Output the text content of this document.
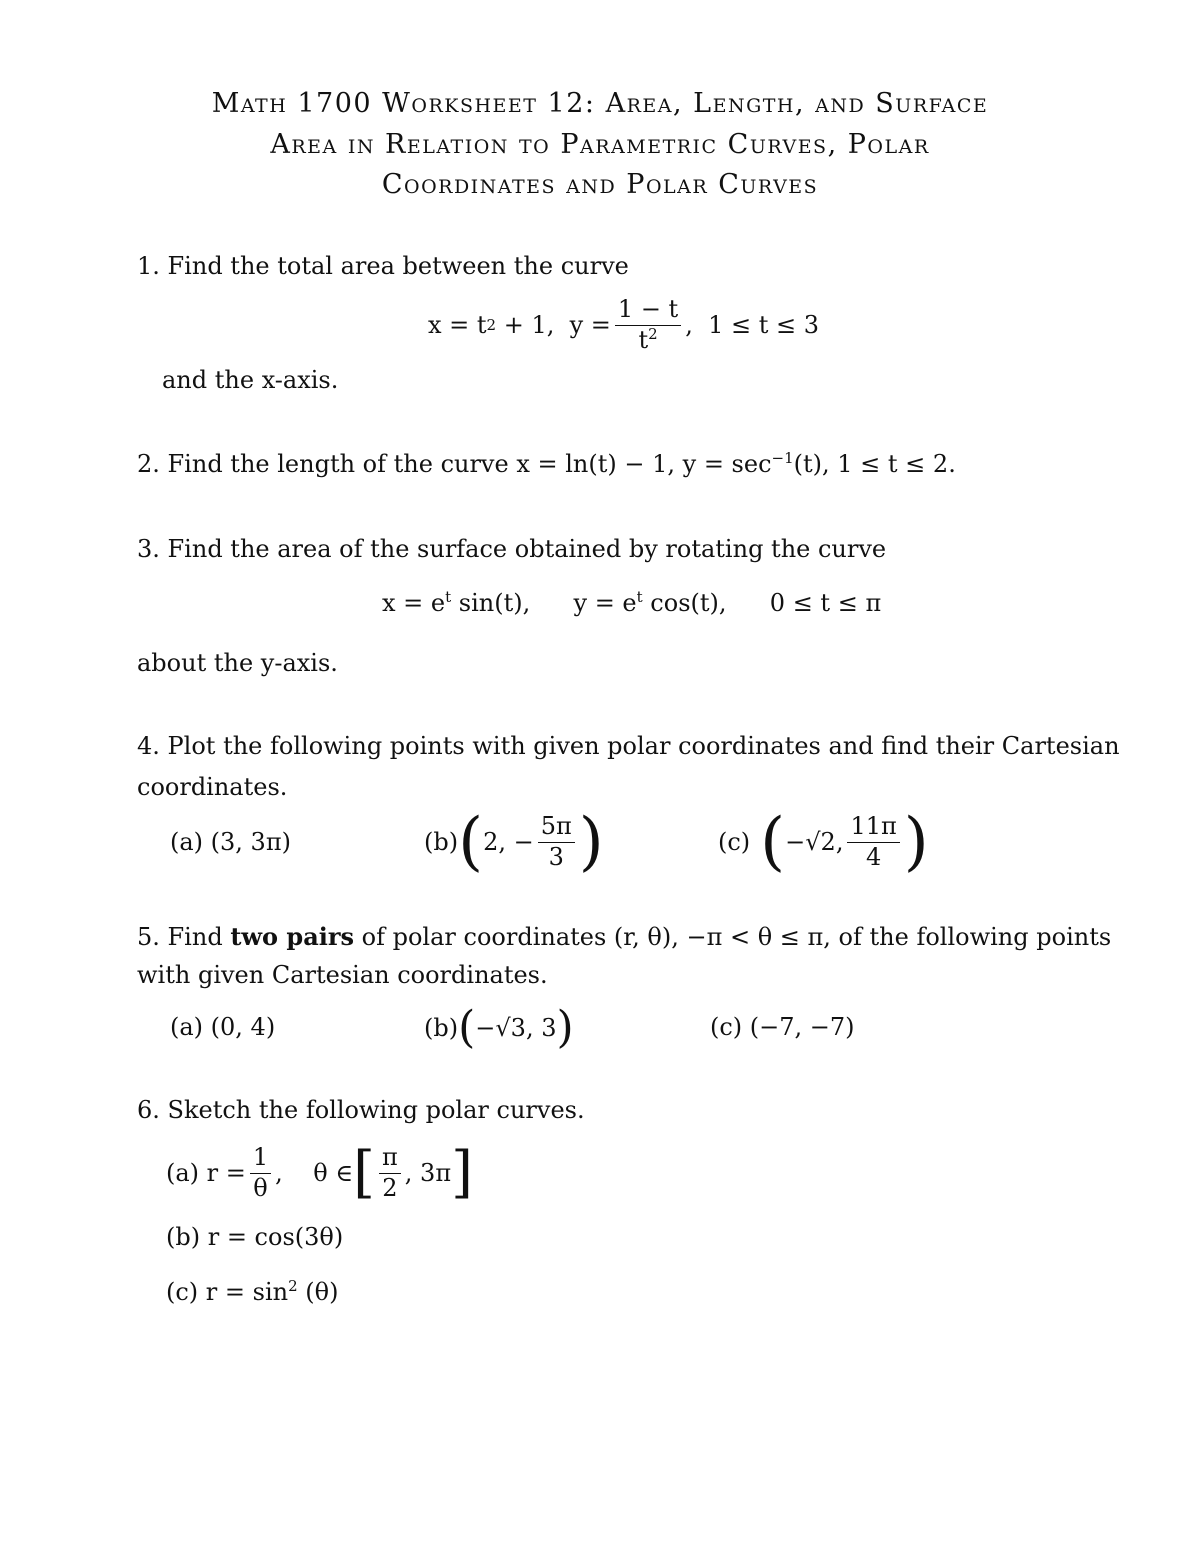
Math 1700 Worksheet 12: Area, Length, and Surface
Area in Relation to Parametric Curves, Polar
Coordinates and Polar Curves
1. Find the total area between the curve
x = t 2 + 1,  $y = \frac{1 - t}{t^2}$ ,  1 ≤ t ≤ 3
and the x-axis.
2. Find the length of the curve x = ln(t) − 1, $y = \sec^{-1}(t)$, 1 ≤ t ≤ 2.
3. Find the area of the surface obtained by rotating the curve
$x = e^t$ sin(t), $y = e^t$ cos(t), 0 ≤ t ≤ π
about the y-axis.
4. Plot the following points with given polar coordinates and find their Cartesian
coordinates.
(a) (3, 3π)	(b) ( 2, − $\frac{5\pi}{3}$ )	(c) ( −√2, $\frac{11\pi}{4}$ )
5. Find two pairs of polar coordinates (r, θ), −π < θ ≤ π, of the following points
with given Cartesian coordinates.
(a) (0, 4)	(b) ( −√3, 3 )	(c) (−7, −7)
6. Sketch the following polar curves.
(a) $r = \frac{1}{\theta}$ ,    θ ∈ [ $\frac{\pi}{2}$ , 3π ]
(b) r = cos(3θ)
(c) $r = \sin^2 (\theta)$
